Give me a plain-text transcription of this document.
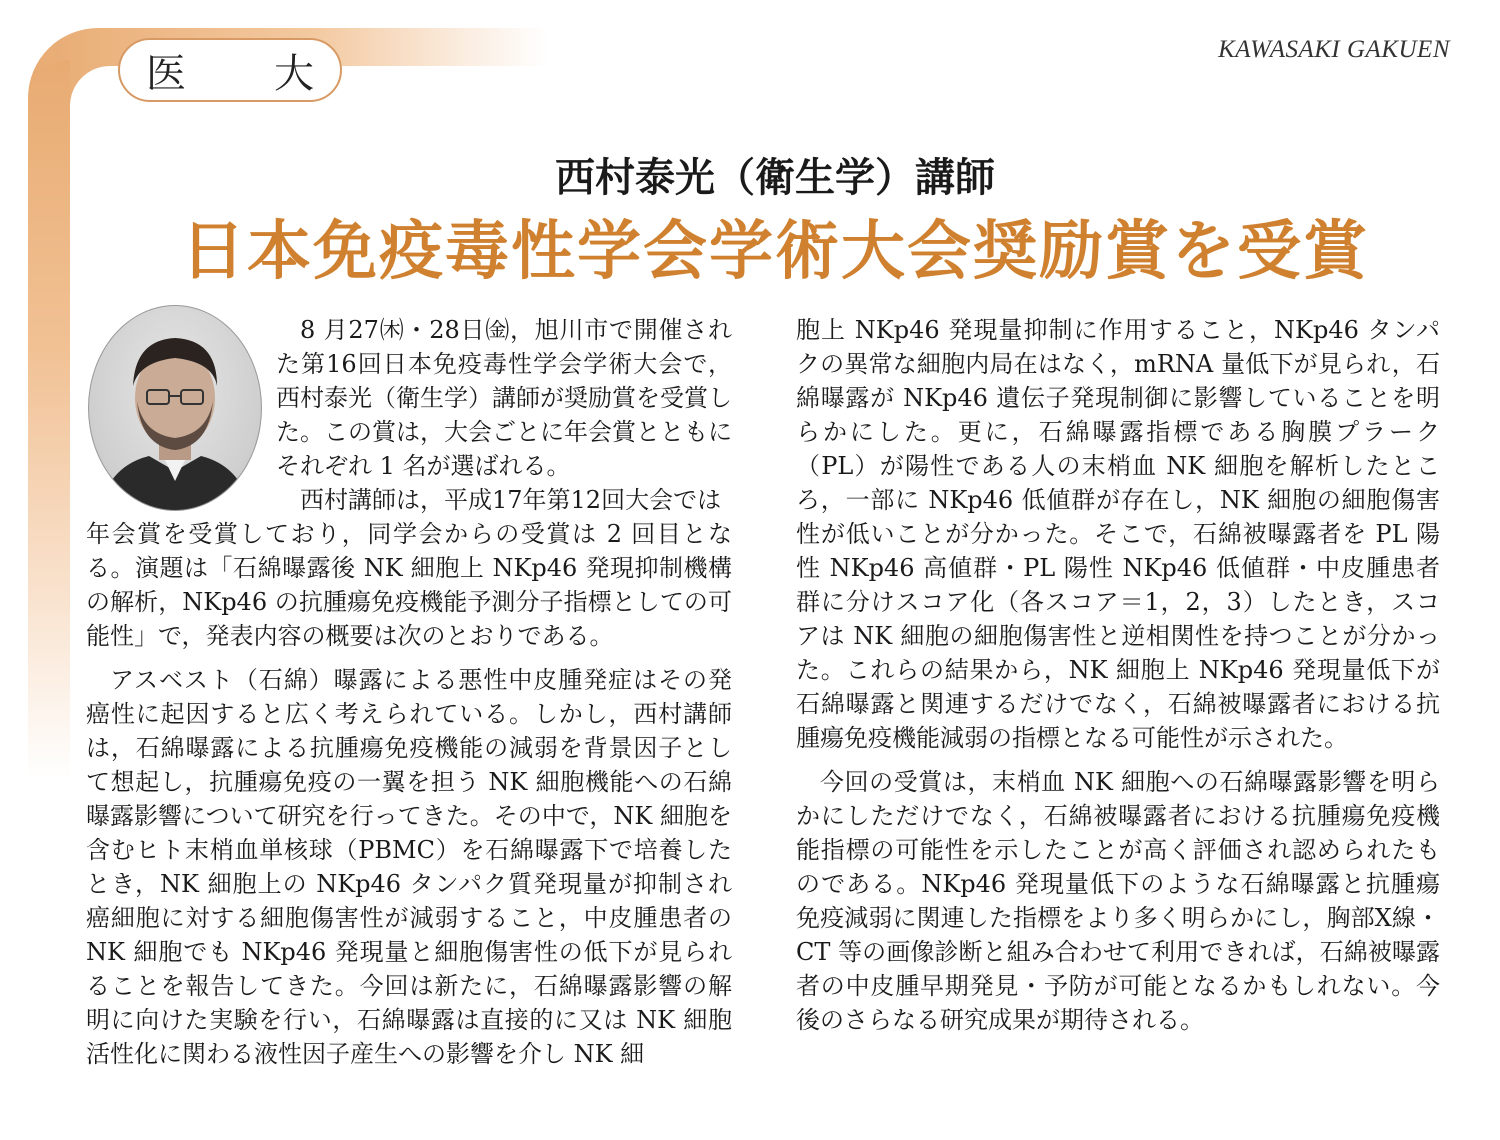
医 大
KAWASAKI GAKUEN
西村泰光（衛生学）講師
日本免疫毒性学会学術大会奨励賞を受賞

8 月27㈭・28日㈮，旭川市で開催された第16回日本免疫毒性学会学術大会で，西村泰光（衛生学）講師が奨励賞を受賞した。この賞は，大会ごとに年会賞とともにそれぞれ 1 名が選ばれる。

西村講師は，平成17年第12回大会では

年会賞を受賞しており，同学会からの受賞は 2 回目となる。演題は「石綿曝露後 NK 細胞上 NKp46 発現抑制機構の解析，NKp46 の抗腫瘍免疫機能予測分子指標としての可能性」で，発表内容の概要は次のとおりである。

アスベスト（石綿）曝露による悪性中皮腫発症はその発癌性に起因すると広く考えられている。しかし，西村講師は，石綿曝露による抗腫瘍免疫機能の減弱を背景因子として想起し，抗腫瘍免疫の一翼を担う NK 細胞機能への石綿曝露影響について研究を行ってきた。その中で，NK 細胞を含むヒト末梢血単核球（PBMC）を石綿曝露下で培養したとき，NK 細胞上の NKp46 タンパク質発現量が抑制され癌細胞に対する細胞傷害性が減弱すること，中皮腫患者の NK 細胞でも NKp46 発現量と細胞傷害性の低下が見られることを報告してきた。今回は新たに，石綿曝露影響の解明に向けた実験を行い，石綿曝露は直接的に又は NK 細胞活性化に関わる液性因子産生への影響を介し NK 細

胞上 NKp46 発現量抑制に作用すること，NKp46 タンパクの異常な細胞内局在はなく，mRNA 量低下が見られ，石綿曝露が NKp46 遺伝子発現制御に影響していることを明らかにした。更に，石綿曝露指標である胸膜プラーク（PL）が陽性である人の末梢血 NK 細胞を解析したところ，一部に NKp46 低値群が存在し，NK 細胞の細胞傷害性が低いことが分かった。そこで，石綿被曝露者を PL 陽性 NKp46 高値群・PL 陽性 NKp46 低値群・中皮腫患者群に分けスコア化（各スコア＝1，2，3）したとき，スコアは NK 細胞の細胞傷害性と逆相関性を持つことが分かった。これらの結果から，NK 細胞上 NKp46 発現量低下が石綿曝露と関連するだけでなく，石綿被曝露者における抗腫瘍免疫機能減弱の指標となる可能性が示された。

今回の受賞は，末梢血 NK 細胞への石綿曝露影響を明らかにしただけでなく，石綿被曝露者における抗腫瘍免疫機能指標の可能性を示したことが高く評価され認められたものである。NKp46 発現量低下のような石綿曝露と抗腫瘍免疫減弱に関連した指標をより多く明らかにし，胸部X線・CT 等の画像診断と組み合わせて利用できれば，石綿被曝露者の中皮腫早期発見・予防が可能となるかもしれない。今後のさらなる研究成果が期待される。
